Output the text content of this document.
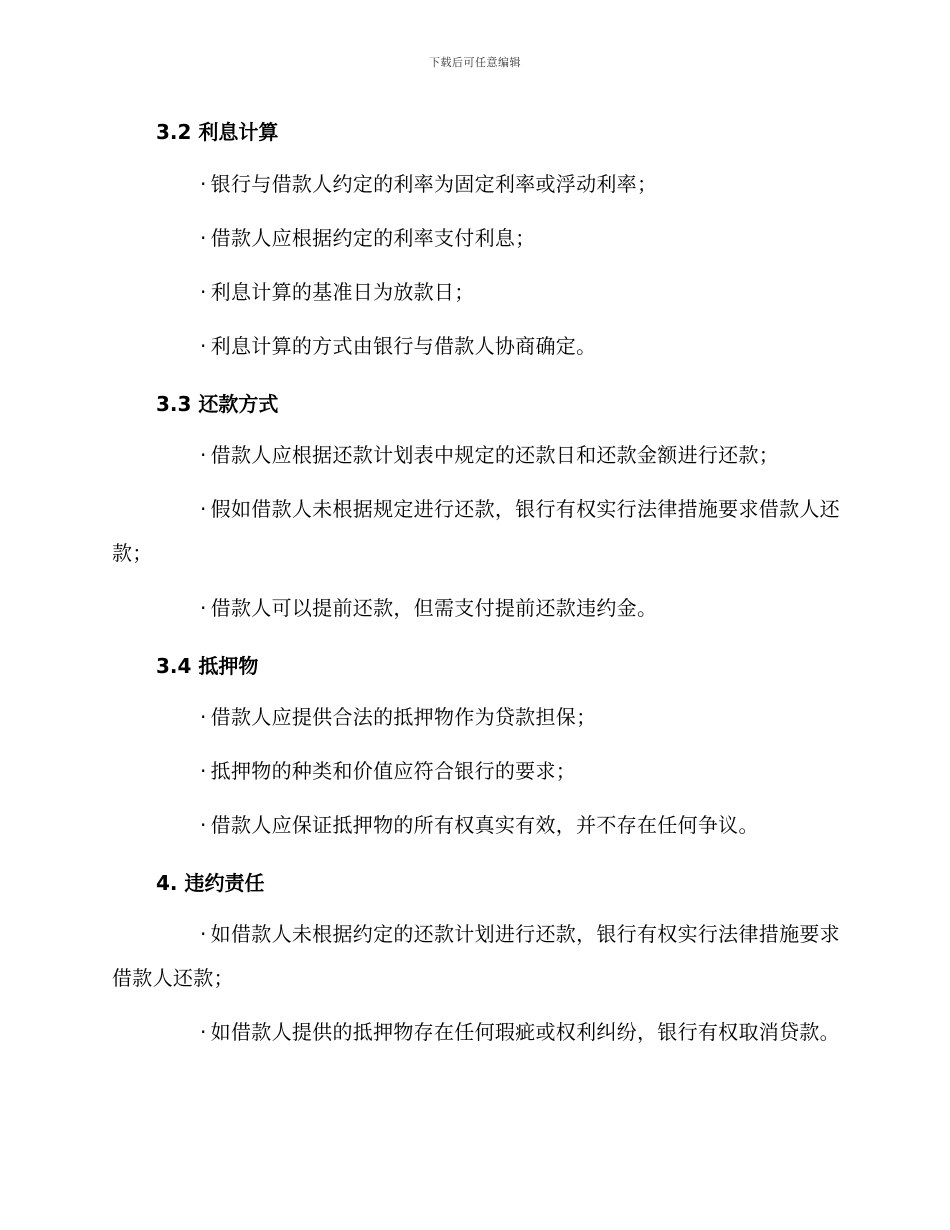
下载后可任意编辑
3.2 利息计算
· 银行与借款人约定的利率为固定利率或浮动利率；
· 借款人应根据约定的利率支付利息；
· 利息计算的基准日为放款日；
· 利息计算的方式由银行与借款人协商确定。
3.3 还款方式
· 借款人应根据还款计划表中规定的还款日和还款金额进行还款；
· 假如借款人未根据规定进行还款，银行有权实行法律措施要求借款人还款；
· 借款人可以提前还款，但需支付提前还款违约金。
3.4 抵押物
· 借款人应提供合法的抵押物作为贷款担保；
· 抵押物的种类和价值应符合银行的要求；
· 借款人应保证抵押物的所有权真实有效，并不存在任何争议。
4. 违约责任
· 如借款人未根据约定的还款计划进行还款，银行有权实行法律措施要求借款人还款；
· 如借款人提供的抵押物存在任何瑕疵或权利纠纷，银行有权取消贷款。
